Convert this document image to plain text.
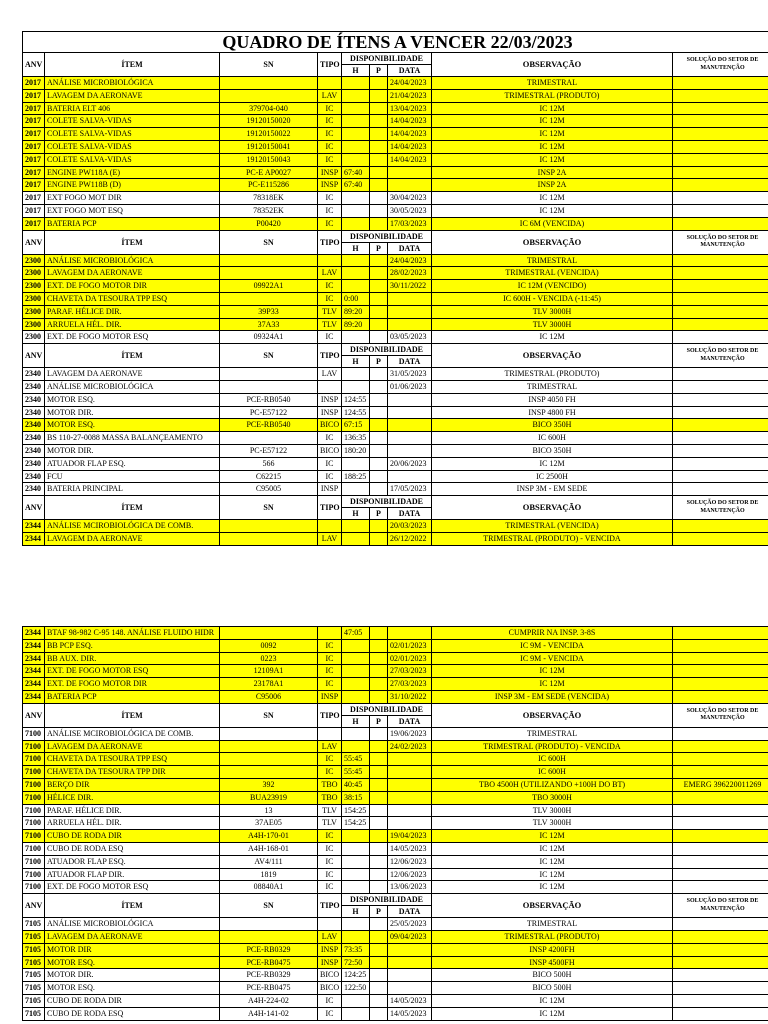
QUADRO DE ÍTENS A VENCER 22/03/2023								
ANV	ÍTEM	SN	TIPO	DISPONIBILIDADE			OBSERVAÇÃO	SOLUÇÃO DO SETOR DE MANUTENÇÃO
				H	P	DATA		
2017	ANÁLISE MICROBIOLÓGICA					24/04/2023	TRIMESTRAL	
2017	LAVAGEM DA AERONAVE		LAV			21/04/2023	TRIMESTRAL (PRODUTO)	
2017	BATERIA ELT 406	379704-040	IC			13/04/2023	IC 12M	
2017	COLETE SALVA-VIDAS	19120150020	IC			14/04/2023	IC 12M	
2017	COLETE SALVA-VIDAS	19120150022	IC			14/04/2023	IC 12M	
2017	COLETE SALVA-VIDAS	19120150041	IC			14/04/2023	IC 12M	
2017	COLETE SALVA-VIDAS	19120150043	IC			14/04/2023	IC 12M	
2017	ENGINE PW118A (E)	PC-E AP0027	INSP	67:40			INSP 2A	
2017	ENGINE PW118B (D)	PC-E115286	INSP	67:40			INSP 2A	
2017	EXT FOGO MOT DIR	78318EK	IC			30/04/2023	IC 12M	
2017	EXT FOGO MOT ESQ	78352EK	IC			30/05/2023	IC 12M	
2017	BATERIA PCP	P00420	IC			17/03/2023	IC 6M (VENCIDA)	
ANV	ÍTEM	SN	TIPO	DISPONIBILIDADE			OBSERVAÇÃO	SOLUÇÃO DO SETOR DE MANUTENÇÃO
				H	P	DATA		
2300	ANÁLISE MICROBIOLÓGICA					24/04/2023	TRIMESTRAL	
2300	LAVAGEM DA AERONAVE		LAV			28/02/2023	TRIMESTRAL (VENCIDA)	
2300	EXT. DE FOGO MOTOR DIR	09922A1	IC			30/11/2022	IC 12M (VENCIDO)	
2300	CHAVETA DA TESOURA TPP ESQ		IC	0:00			IC 600H - VENCIDA (-11:45)	
2300	PARAF. HÉLICE DIR.	39P33	TLV	89:20			TLV 3000H	
2300	ARRUELA HÉL. DIR.	37A33	TLV	89:20			TLV 3000H	
2300	EXT. DE FOGO MOTOR ESQ	09324A1	IC			03/05/2023	IC 12M	
ANV	ÍTEM	SN	TIPO	DISPONIBILIDADE			OBSERVAÇÃO	SOLUÇÃO DO SETOR DE MANUTENÇÃO
				H	P	DATA		
2340	LAVAGEM DA AERONAVE		LAV			31/05/2023	TRIMESTRAL (PRODUTO)	
2340	ANÁLISE MICROBIOLÓGICA					01/06/2023	TRIMESTRAL	
2340	MOTOR ESQ.	PCE-RB0540	INSP	124:55			INSP 4050 FH	
2340	MOTOR DIR.	PC-E57122	INSP	124:55			INSP 4800 FH	
2340	MOTOR ESQ.	PCE-RB0540	BICO	67:15			BICO 350H	
2340	BS 110-27-0088 MASSA BALANÇEAMENTO		IC	136:35			IC 600H	
2340	MOTOR DIR.	PC-E57122	BICO	180:20			BICO 350H	
2340	ATUADOR FLAP ESQ.	566	IC			20/06/2023	IC 12M	
2340	FCU	C62215	IC	188:25			IC 2500H	
2340	BATERIA PRINCIPAL	C95005	INSP			17/05/2023	INSP 3M - EM SEDE	
ANV	ÍTEM	SN	TIPO	DISPONIBILIDADE			OBSERVAÇÃO	SOLUÇÃO DO SETOR DE MANUTENÇÃO
				H	P	DATA		
2344	ANÁLISE MCIROBIOLÓGICA DE COMB.					20/03/2023	TRIMESTRAL (VENCIDA)	
2344	LAVAGEM DA AERONAVE		LAV			26/12/2022	TRIMESTRAL (PRODUTO) - VENCIDA	
2344	BTAF 98-982 C-95 148. ANÁLISE FLUIDO HIDR			47:05			CUMPRIR NA INSP. 3-8S	
2344	BB PCP ESQ.	0092	IC			02/01/2023	IC 9M - VENCIDA	
2344	BB AUX. DIR.	0223	IC			02/01/2023	IC 9M - VENCIDA	
2344	EXT. DE FOGO MOTOR ESQ	12109A1	IC			27/03/2023	IC 12M	
2344	EXT. DE FOGO MOTOR DIR	23178A1	IC			27/03/2023	IC 12M	
2344	BATERIA PCP	C95006	INSP			31/10/2022	INSP 3M - EM SEDE (VENCIDA)	
ANV	ÍTEM	SN	TIPO	DISPONIBILIDADE			OBSERVAÇÃO	SOLUÇÃO DO SETOR DE MANUTENÇÃO
				H	P	DATA		
7100	ANÁLISE MCIROBIOLÓGICA DE COMB.					19/06/2023	TRIMESTRAL	
7100	LAVAGEM DA AERONAVE		LAV			24/02/2023	TRIMESTRAL (PRODUTO) - VENCIDA	
7100	CHAVETA DA TESOURA TPP ESQ		IC	55:45			IC 600H	
7100	CHAVETA DA TESOURA TPP DIR		IC	55:45			IC 600H	
7100	BERÇO DIR	392	TBO	40:45			TBO 4500H (UTILIZANDO +100H DO BT)	EMERG 396220011269
7100	HÉLICE DIR.	BUA23919	TBO	38:15			TBO 3000H	
7100	PARAF. HÉLICE DIR.	13	TLV	154:25			TLV 3000H	
7100	ARRUELA HÉL. DIR.	37AE05	TLV	154:25			TLV 3000H	
7100	CUBO DE RODA DIR	A4H-170-01	IC			19/04/2023	IC 12M	
7100	CUBO DE RODA ESQ	A4H-168-01	IC			14/05/2023	IC 12M	
7100	ATUADOR FLAP ESQ.	AV4/111	IC			12/06/2023	IC 12M	
7100	ATUADOR FLAP DIR.	1819	IC			12/06/2023	IC 12M	
7100	EXT. DE FOGO MOTOR ESQ	08840A1	IC			13/06/2023	IC 12M	
ANV	ÍTEM	SN	TIPO	DISPONIBILIDADE			OBSERVAÇÃO	SOLUÇÃO DO SETOR DE MANUTENÇÃO
				H	P	DATA		
7105	ANÁLISE MICROBIOLÓGICA					25/05/2023	TRIMESTRAL	
7105	LAVAGEM DA AERONAVE		LAV			09/04/2023	TRIMESTRAL (PRODUTO)	
7105	MOTOR DIR	PCE-RB0329	INSP	73:35			INSP 4200FH	
7105	MOTOR ESQ.	PCE-RB0475	INSP	72:50			INSP 4500FH	
7105	MOTOR DIR.	PCE-RB0329	BICO	124:25			BICO 500H	
7105	MOTOR ESQ.	PCE-RB0475	BICO	122:50			BICO 500H	
7105	CUBO DE RODA DIR	A4H-224-02	IC			14/05/2023	IC 12M	
7105	CUBO DE RODA ESQ	A4H-141-02	IC			14/05/2023	IC 12M	
